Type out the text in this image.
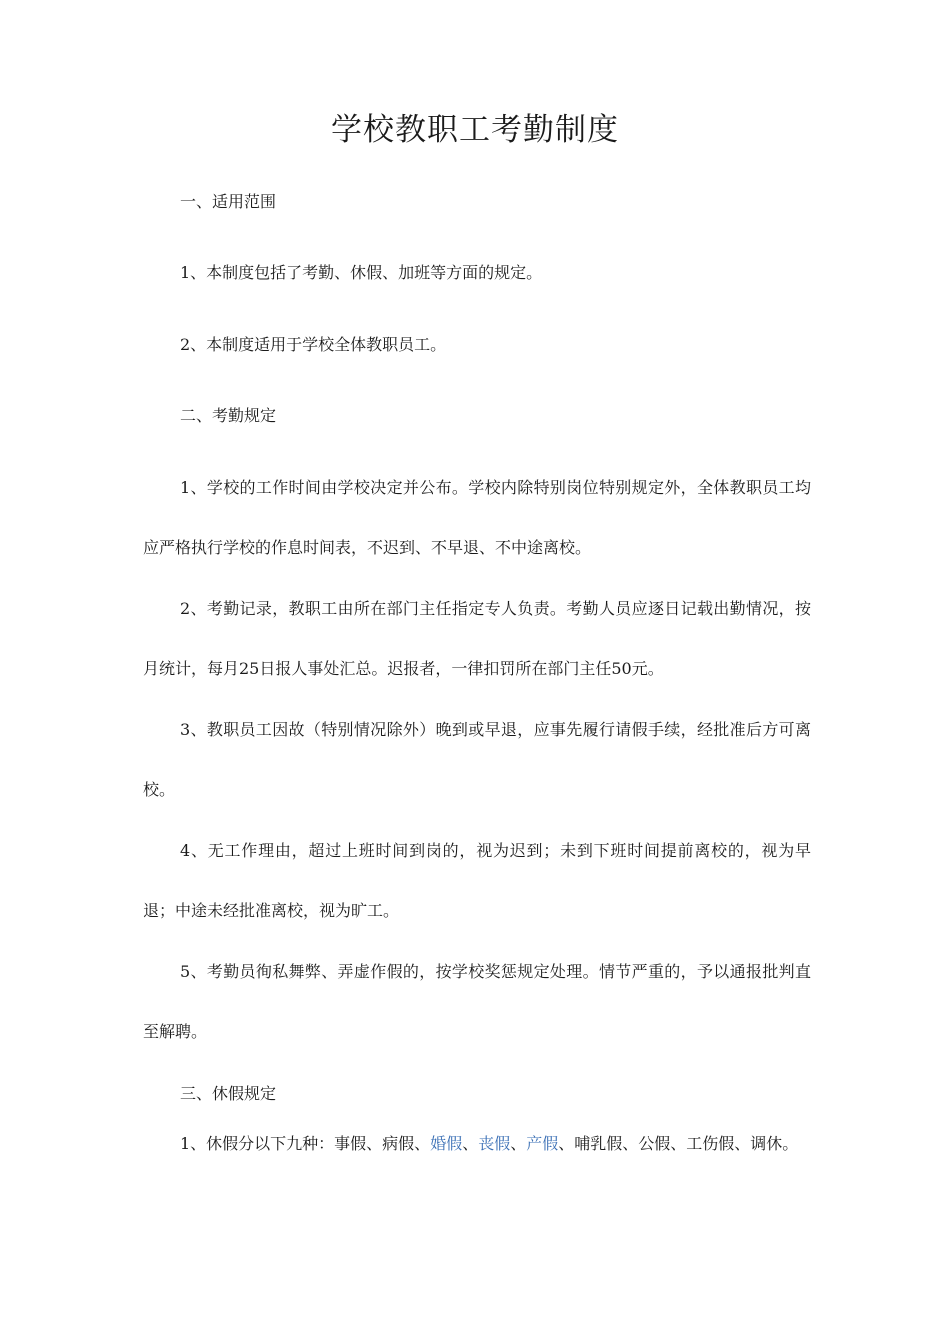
学校教职工考勤制度

一、适用范围

1、本制度包括了考勤、休假、加班等方面的规定。

2、本制度适用于学校全体教职员工。

二、考勤规定

1、学校的工作时间由学校决定并公布。学校内除特别岗位特别规定外，全体教职员工均应严格执行学校的作息时间表，不迟到、不早退、不中途离校。

2、考勤记录，教职工由所在部门主任指定专人负责。考勤人员应逐日记载出勤情况，按月统计，每月25日报人事处汇总。迟报者，一律扣罚所在部门主任50元。

3、教职员工因故（特别情况除外）晚到或早退，应事先履行请假手续，经批准后方可离校。

4、无工作理由，超过上班时间到岗的，视为迟到；未到下班时间提前离校的，视为早退；中途未经批准离校，视为旷工。

5、考勤员徇私舞弊、弄虚作假的，按学校奖惩规定处理。情节严重的，予以通报批判直至解聘。

三、休假规定

1、休假分以下九种：事假、病假、婚假、丧假、产假、哺乳假、公假、工伤假、调休。
